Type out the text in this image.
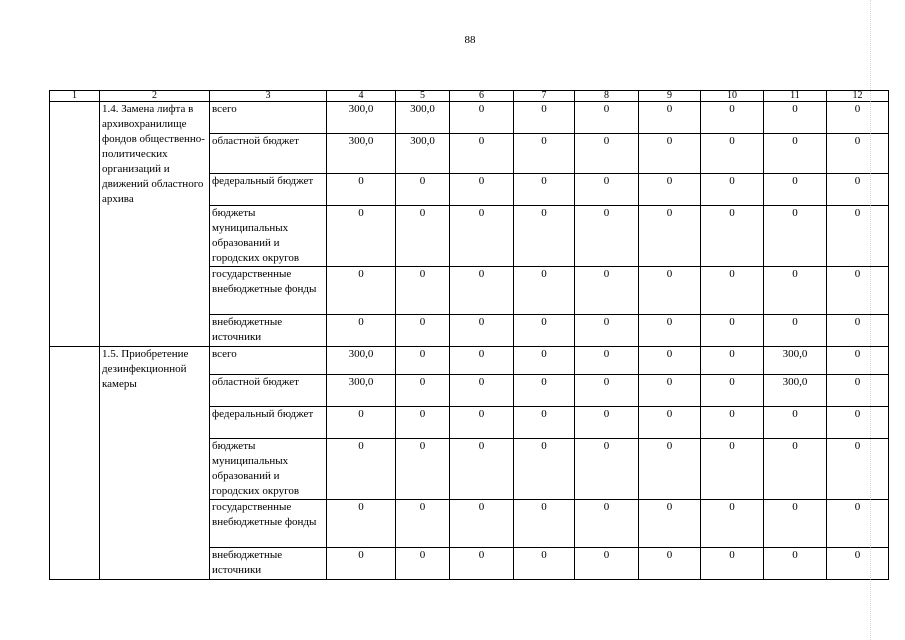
88
1	2	3	4	5	6	7	8	9	10	11	12
	1.4. Замена лифта в архивохранилище фондов общественно-политических организаций и движений областного архива	всего	300,0	300,0	0	0	0	0	0	0	0
		областной бюджет	300,0	300,0	0	0	0	0	0	0	0
		федеральный бюджет	0	0	0	0	0	0	0	0	0
		бюджеты муниципальных образований и городских округов	0	0	0	0	0	0	0	0	0
		государственные внебюджетные фонды	0	0	0	0	0	0	0	0	0
		внебюджетные источники	0	0	0	0	0	0	0	0	0
	1.5. Приобретение дезинфекционной камеры	всего	300,0	0	0	0	0	0	0	300,0	0
		областной бюджет	300,0	0	0	0	0	0	0	300,0	0
		федеральный бюджет	0	0	0	0	0	0	0	0	0
		бюджеты муниципальных образований и городских округов	0	0	0	0	0	0	0	0	0
		государственные внебюджетные фонды	0	0	0	0	0	0	0	0	0
		внебюджетные источники	0	0	0	0	0	0	0	0	0
